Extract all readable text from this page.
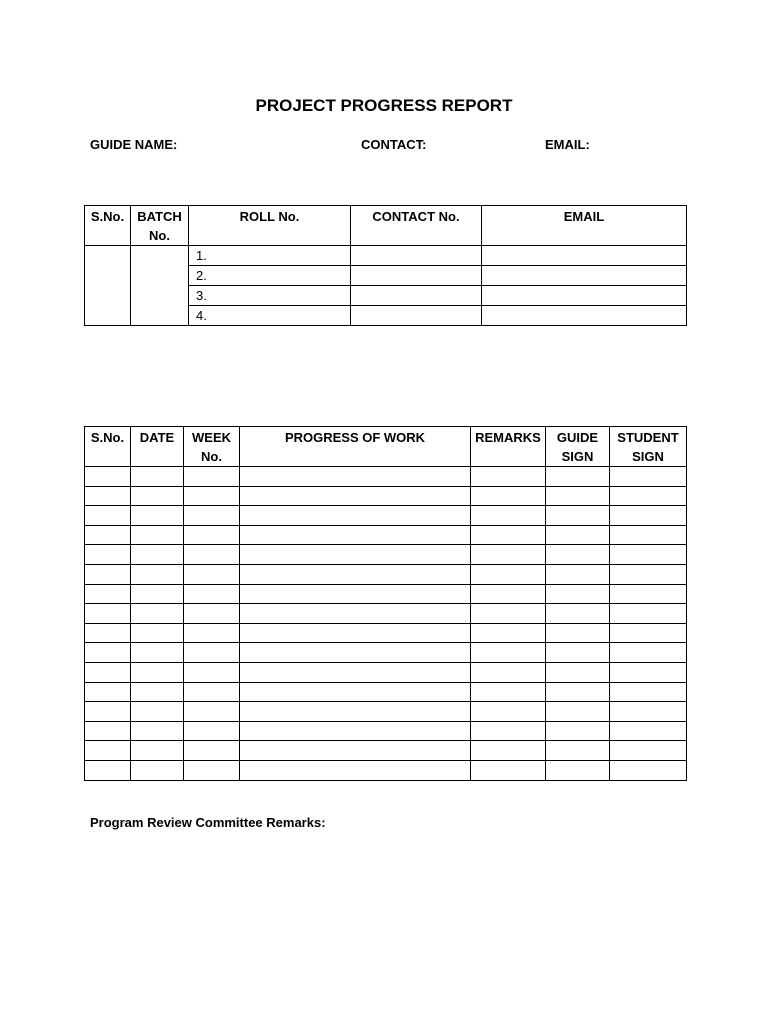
PROJECT PROGRESS REPORT
GUIDE NAME:	CONTACT:	EMAIL:
S.No.	BATCH No.	ROLL No.	CONTACT No.	EMAIL
		1.		
		2.		
		3.		
		4.		
S.No.	DATE	WEEK No.	PROGRESS OF WORK	REMARKS	GUIDE SIGN	STUDENT SIGN

Program Review Committee Remarks:
